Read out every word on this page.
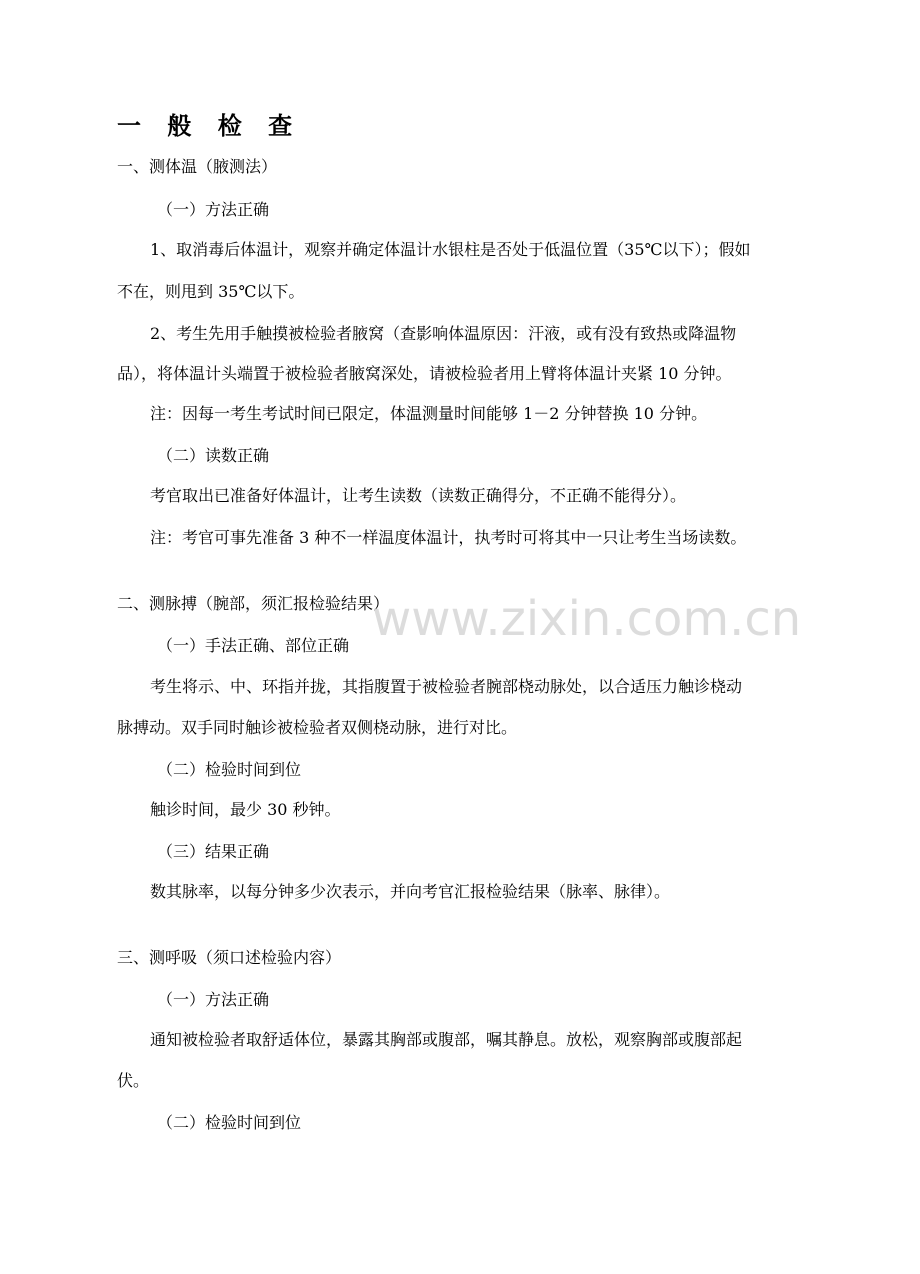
一 般 检 查
一、测体温（腋测法）
（一）方法正确
1、取消毒后体温计，观察并确定体温计水银柱是否处于低温位置（35℃以下）；假如
不在，则甩到 35℃以下。
2、考生先用手触摸被检验者腋窝（查影响体温原因：汗液，或有没有致热或降温物
品），将体温计头端置于被检验者腋窝深处，请被检验者用上臂将体温计夹紧 10 分钟。
注：因每一考生考试时间已限定，体温测量时间能够 1－2 分钟替换 10 分钟。
（二）读数正确
考官取出已准备好体温计，让考生读数（读数正确得分，不正确不能得分）。
注：考官可事先准备 3 种不一样温度体温计，执考时可将其中一只让考生当场读数。
二、测脉搏（腕部，须汇报检验结果）
（一）手法正确、部位正确
考生将示、中、环指并拢，其指腹置于被检验者腕部桡动脉处，以合适压力触诊桡动
脉搏动。双手同时触诊被检验者双侧桡动脉，进行对比。
（二）检验时间到位
触诊时间，最少 30 秒钟。
（三）结果正确
数其脉率，以每分钟多少次表示，并向考官汇报检验结果（脉率、脉律）。
三、测呼吸（须口述检验内容）
（一）方法正确
通知被检验者取舒适体位，暴露其胸部或腹部，嘱其静息。放松，观察胸部或腹部起
伏。
（二）检验时间到位
www.zixin.com.cn
